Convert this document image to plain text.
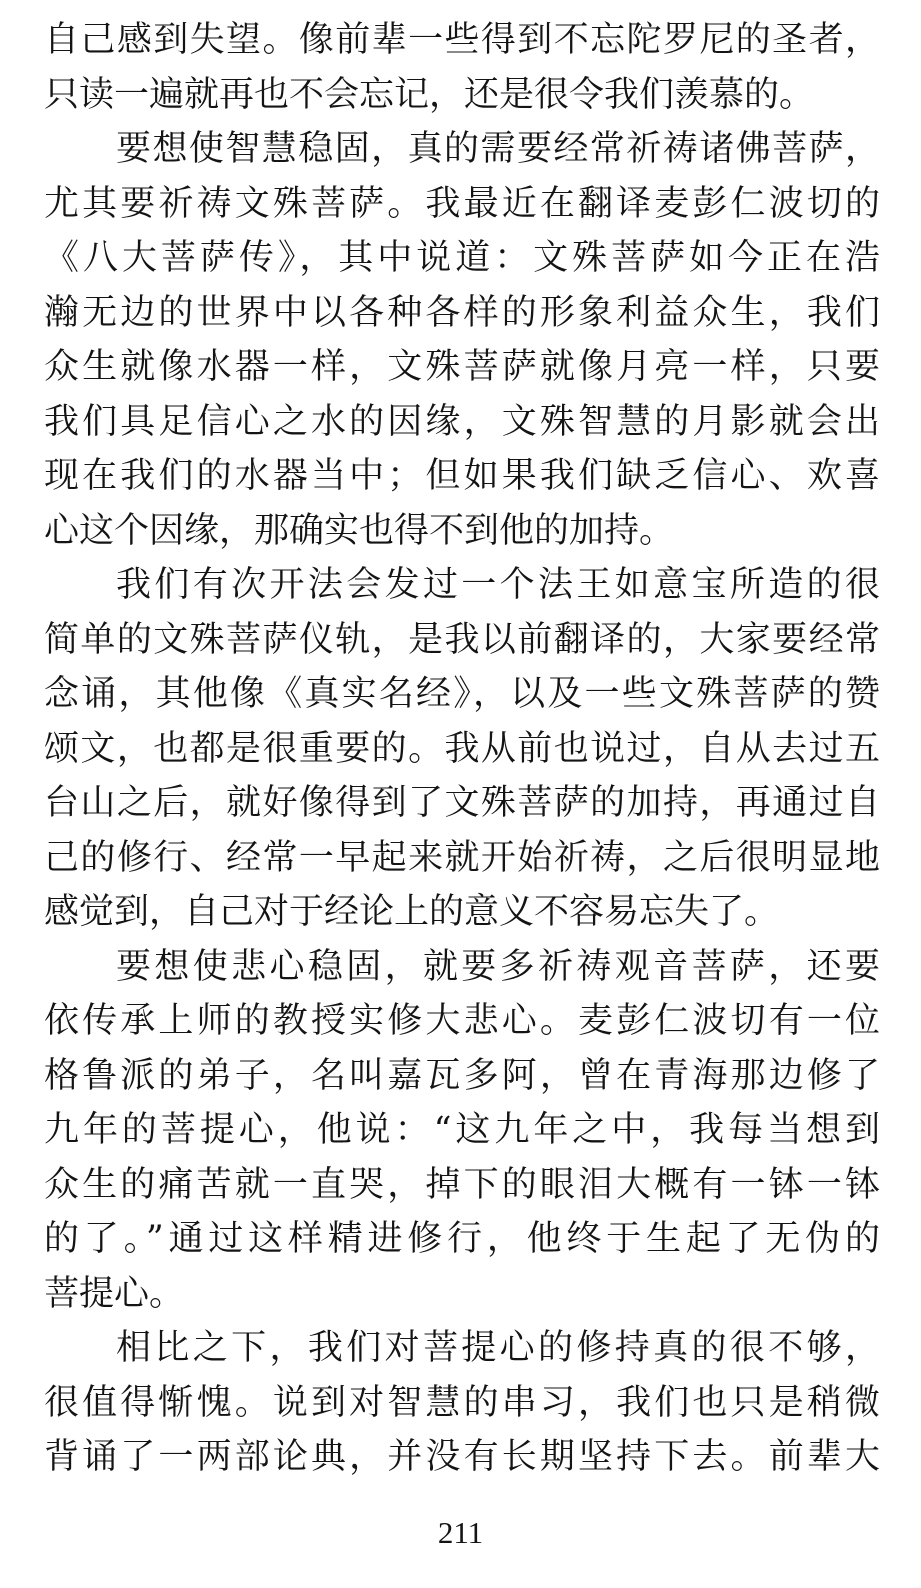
自己感到失望。像前辈一些得到不忘陀罗尼的圣者，
只读一遍就再也不会忘记，还是很令我们羡慕的。
要想使智慧稳固，真的需要经常祈祷诸佛菩萨，
尤其要祈祷文殊菩萨。我最近在翻译麦彭仁波切的
《八大菩萨传》，其中说道：文殊菩萨如今正在浩
瀚无边的世界中以各种各样的形象利益众生，我们
众生就像水器一样，文殊菩萨就像月亮一样，只要
我们具足信心之水的因缘，文殊智慧的月影就会出
现在我们的水器当中；但如果我们缺乏信心、欢喜
心这个因缘，那确实也得不到他的加持。
我们有次开法会发过一个法王如意宝所造的很
简单的文殊菩萨仪轨，是我以前翻译的，大家要经常
念诵，其他像《真实名经》，以及一些文殊菩萨的赞
颂文，也都是很重要的。我从前也说过，自从去过五
台山之后，就好像得到了文殊菩萨的加持，再通过自
己的修行、经常一早起来就开始祈祷，之后很明显地
感觉到，自己对于经论上的意义不容易忘失了。
要想使悲心稳固，就要多祈祷观音菩萨，还要
依传承上师的教授实修大悲心。麦彭仁波切有一位
格鲁派的弟子，名叫嘉瓦多阿，曾在青海那边修了
九年的菩提心，他说：“这九年之中，我每当想到
众生的痛苦就一直哭，掉下的眼泪大概有一钵一钵
的了。”通过这样精进修行，他终于生起了无伪的
菩提心。
相比之下，我们对菩提心的修持真的很不够，
很值得惭愧。说到对智慧的串习，我们也只是稍微
背诵了一两部论典，并没有长期坚持下去。前辈大
211
